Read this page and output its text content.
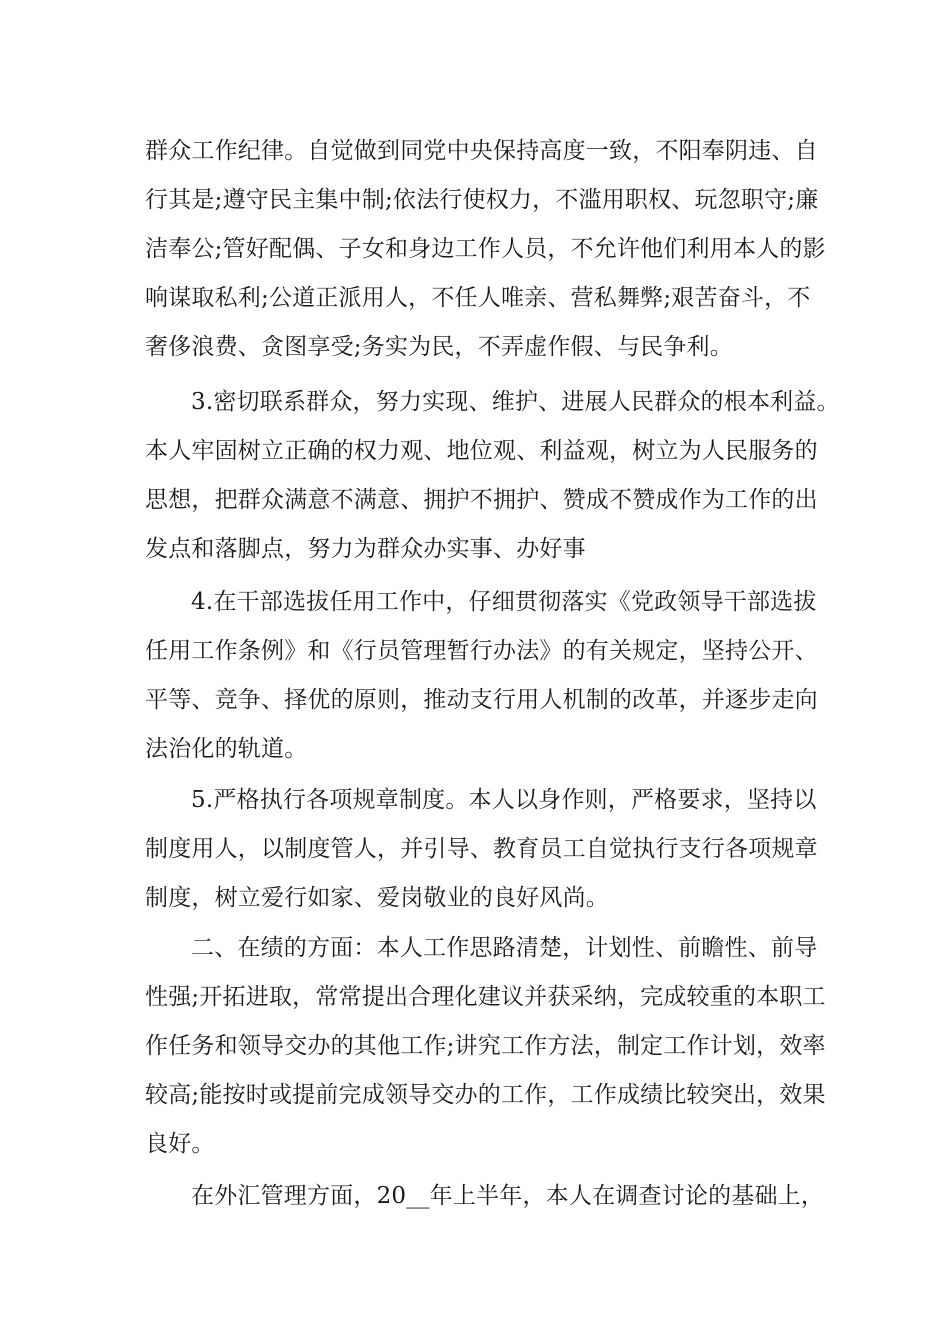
群众工作纪律。自觉做到同党中央保持高度一致，不阳奉阴违、自
行其是;遵守民主集中制;依法行使权力，不滥用职权、玩忽职守;廉
洁奉公;管好配偶、子女和身边工作人员，不允许他们利用本人的影
响谋取私利;公道正派用人，不任人唯亲、营私舞弊;艰苦奋斗，不
奢侈浪费、贪图享受;务实为民，不弄虚作假、与民争利。
3.密切联系群众，努力实现、维护、进展人民群众的根本利益。
本人牢固树立正确的权力观、地位观、利益观，树立为人民服务的
思想，把群众满意不满意、拥护不拥护、赞成不赞成作为工作的出
发点和落脚点，努力为群众办实事、办好事
4.在干部选拔任用工作中，仔细贯彻落实《党政领导干部选拔
任用工作条例》和《行员管理暂行办法》的有关规定，坚持公开、
平等、竞争、择优的原则，推动支行用人机制的改革，并逐步走向
法治化的轨道。
5.严格执行各项规章制度。本人以身作则，严格要求，坚持以
制度用人，以制度管人，并引导、教育员工自觉执行支行各项规章
制度，树立爱行如家、爱岗敬业的良好风尚。
二、在绩的方面：本人工作思路清楚，计划性、前瞻性、前导
性强;开拓进取，常常提出合理化建议并获采纳，完成较重的本职工
作任务和领导交办的其他工作;讲究工作方法，制定工作计划，效率
较高;能按时或提前完成领导交办的工作，工作成绩比较突出，效果
良好。
在外汇管理方面，20__年上半年，本人在调查讨论的基础上，
